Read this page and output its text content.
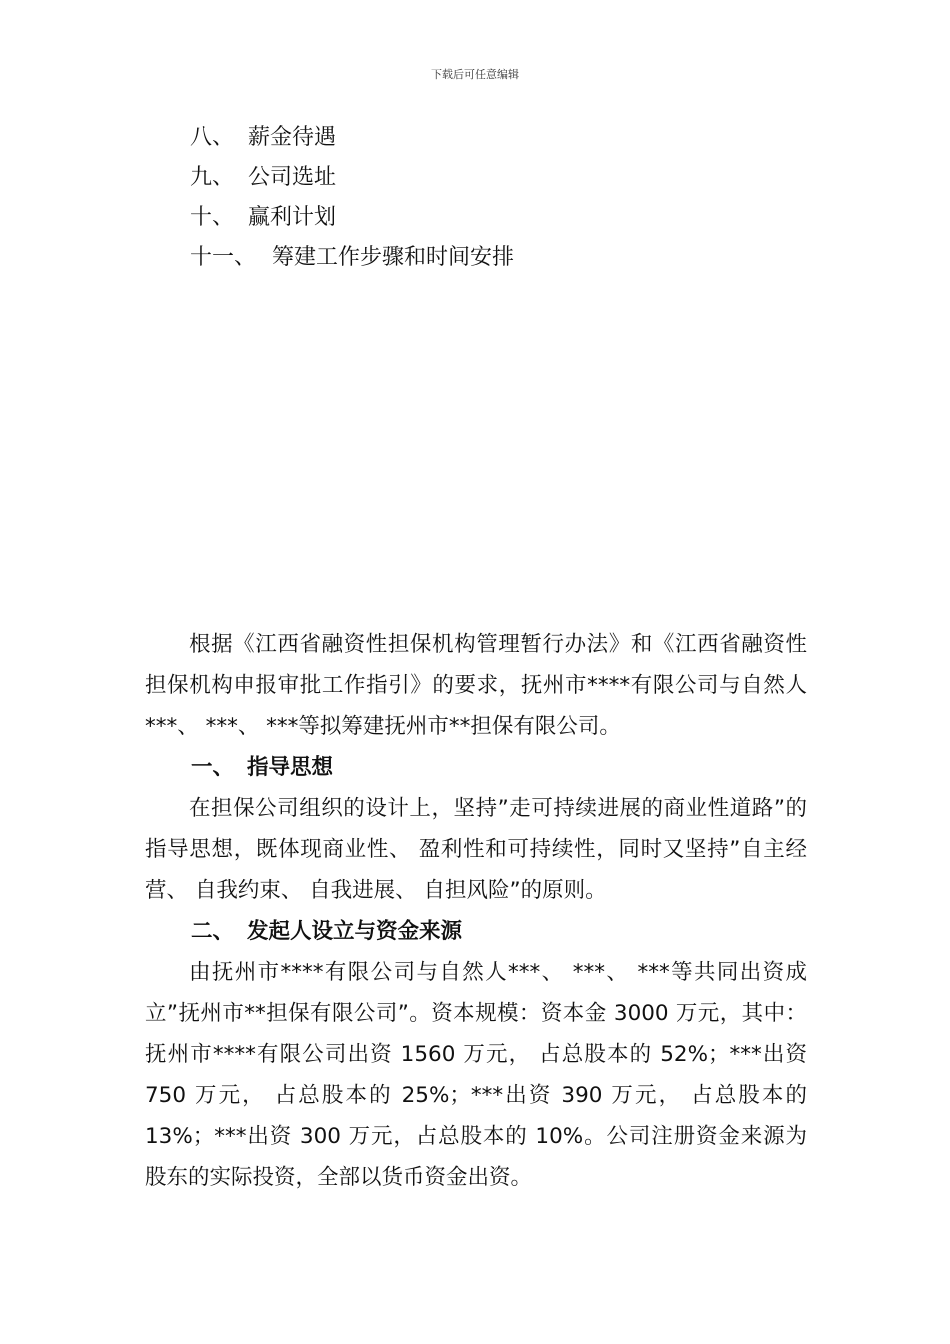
下载后可任意编辑
八、 薪金待遇
九、 公司选址
十、 赢利计划
十一、 筹建工作步骤和时间安排

根据《江西省融资性担保机构管理暂行办法》和《江西省融资性担保机构申报审批工作指引》的要求，抚州市****有限公司与自然人***、 ***、 ***等拟筹建抚州市**担保有限公司。

一、 指导思想

在担保公司组织的设计上，坚持”走可持续进展的商业性道路”的指导思想，既体现商业性、 盈利性和可持续性，同时又坚持”自主经营、 自我约束、 自我进展、 自担风险”的原则。

二、 发起人设立与资金来源

由抚州市****有限公司与自然人***、 ***、 ***等共同出资成立”抚州市**担保有限公司”。资本规模：资本金 3000 万元，其中：抚州市****有限公司出资 1560 万元， 占总股本的 52%；***出资 750 万元， 占总股本的 25%；***出资 390 万元， 占总股本的 13%；***出资 300 万元，占总股本的 10%。公司注册资金来源为股东的实际投资，全部以货币资金出资。
